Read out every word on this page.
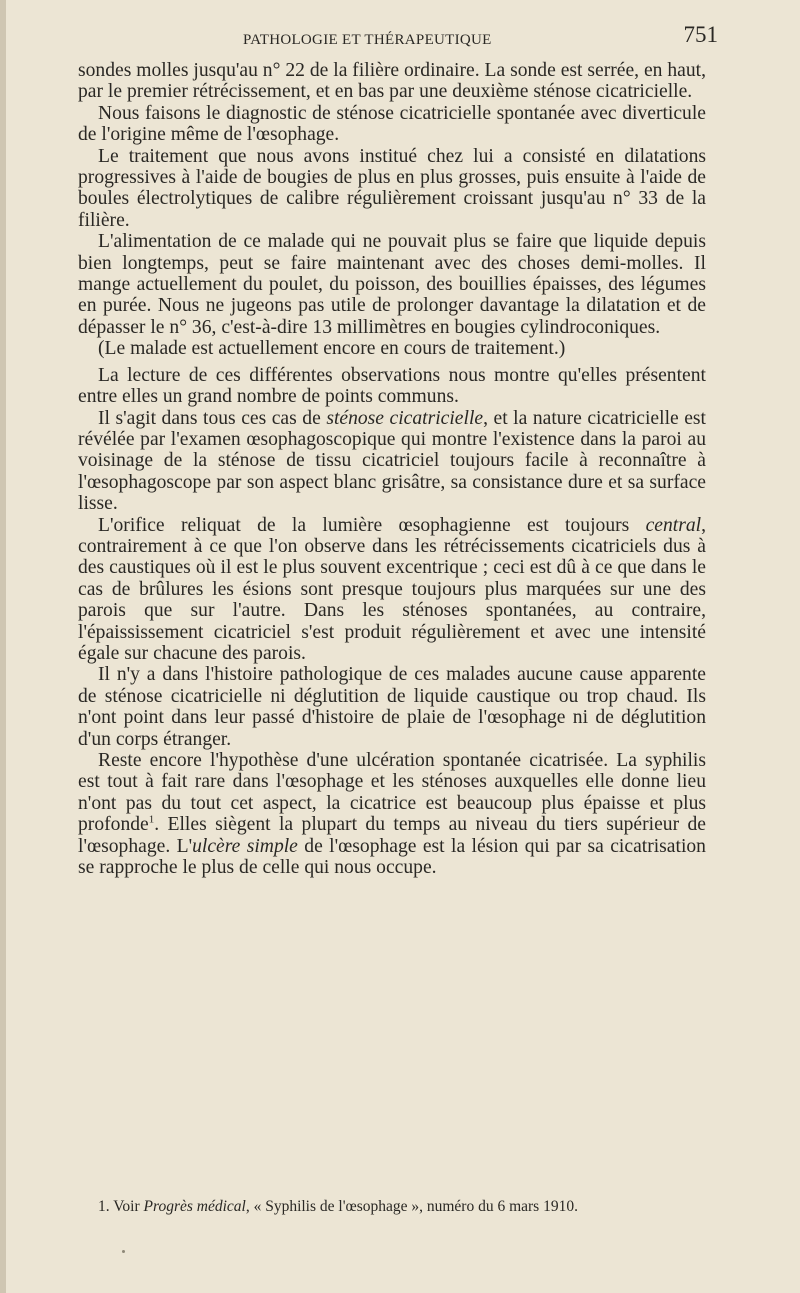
PATHOLOGIE ET THÉRAPEUTIQUE	751

sondes molles jusqu'au n° 22 de la filière ordinaire. La sonde est serrée, en haut, par le premier rétrécissement, et en bas par une deuxième sténose cicatricielle.

Nous faisons le diagnostic de sténose cicatricielle spontanée avec diverticule de l'origine même de l'œsophage.

Le traitement que nous avons institué chez lui a consisté en dilatations progressives à l'aide de bougies de plus en plus grosses, puis ensuite à l'aide de boules électrolytiques de calibre régulièrement croissant jusqu'au n° 33 de la filière.

L'alimentation de ce malade qui ne pouvait plus se faire que liquide depuis bien longtemps, peut se faire maintenant avec des choses demi-molles. Il mange actuellement du poulet, du poisson, des bouillies épaisses, des légumes en purée. Nous ne jugeons pas utile de prolonger davantage la dilatation et de dépasser le n° 36, c'est-à-dire 13 millimètres en bougies cylindroconiques.

(Le malade est actuellement encore en cours de traitement.)

La lecture de ces différentes observations nous montre qu'elles présentent entre elles un grand nombre de points communs.

Il s'agit dans tous ces cas de sténose cicatricielle, et la nature cicatricielle est révélée par l'examen œsophagoscopique qui montre l'existence dans la paroi au voisinage de la sténose de tissu cicatriciel toujours facile à reconnaître à l'œsophagoscope par son aspect blanc grisâtre, sa consistance dure et sa surface lisse.

L'orifice reliquat de la lumière œsophagienne est toujours central, contrairement à ce que l'on observe dans les rétrécissements cicatriciels dus à des caustiques où il est le plus souvent excentrique ; ceci est dû à ce que dans le cas de brûlures les ésions sont presque toujours plus marquées sur une des parois que sur l'autre. Dans les sténoses spontanées, au contraire, l'épaississement cicatriciel s'est produit régulièrement et avec une intensité égale sur chacune des parois.

Il n'y a dans l'histoire pathologique de ces malades aucune cause apparente de sténose cicatricielle ni déglutition de liquide caustique ou trop chaud. Ils n'ont point dans leur passé d'histoire de plaie de l'œsophage ni de déglutition d'un corps étranger.

Reste encore l'hypothèse d'une ulcération spontanée cicatrisée. La syphilis est tout à fait rare dans l'œsophage et les sténoses auxquelles elle donne lieu n'ont pas du tout cet aspect, la cicatrice est beaucoup plus épaisse et plus profonde$^1$. Elles siègent la plupart du temps au niveau du tiers supérieur de l'œsophage. L'ulcère simple de l'œsophage est la lésion qui par sa cicatrisation se rapproche le plus de celle qui nous occupe.

1. Voir Progrès médical, « Syphilis de l'œsophage », numéro du 6 mars 1910.
